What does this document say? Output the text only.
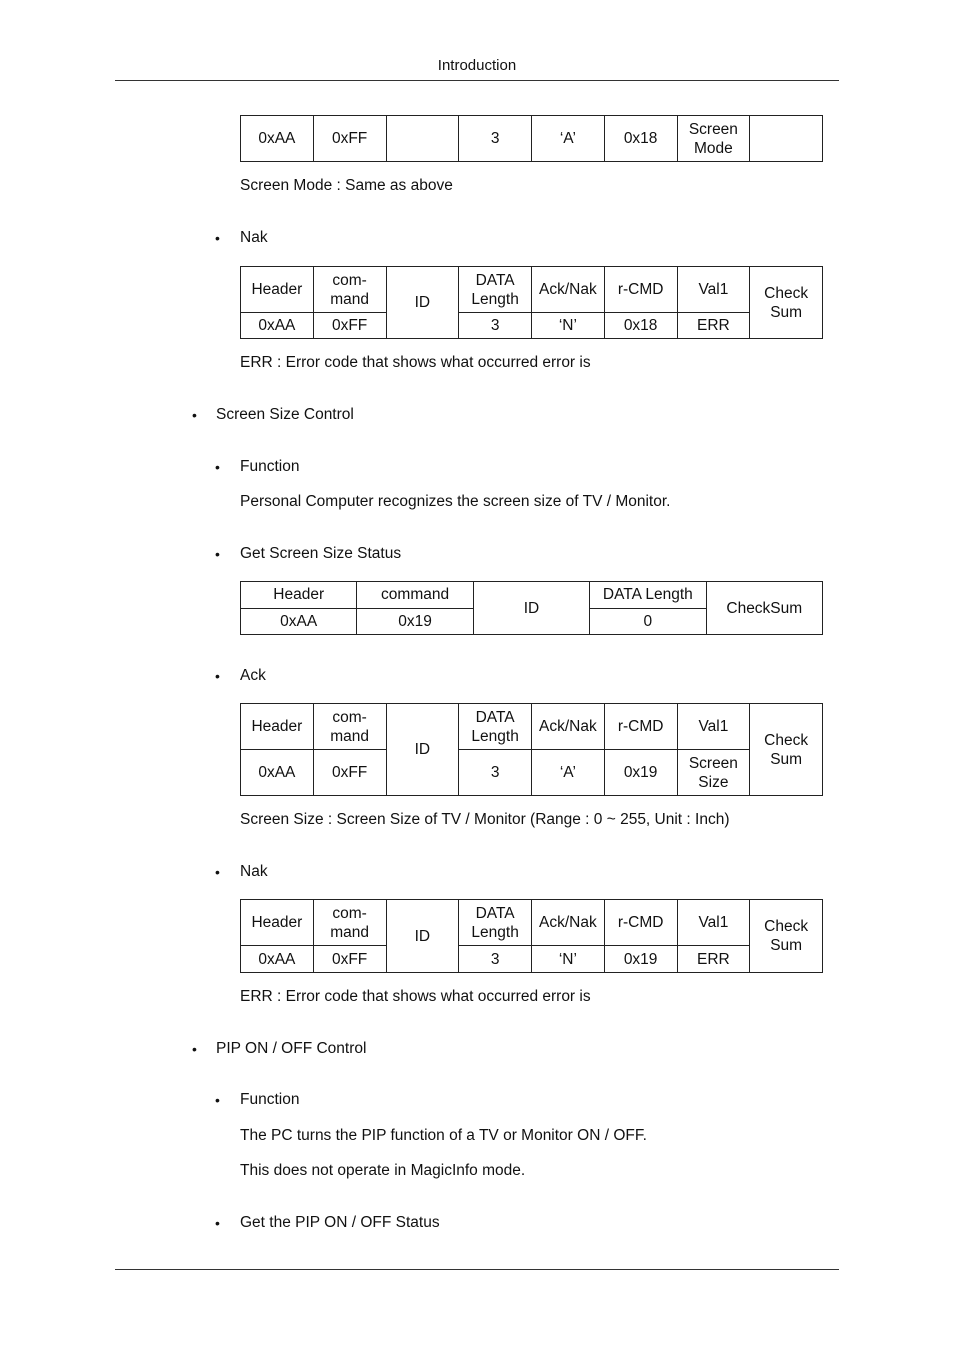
Introduction
0xAA	0xFF		3	‘A’	0x18	Screen Mode	
Screen Mode : Same as above
• Nak
Header	com-mand	ID	DATA Length	Ack/Nak	r-CMD	Val1	Check Sum
0xAA	0xFF		3	‘N’	0x18	ERR	
ERR : Error code that shows what occurred error is
• Screen Size Control
• Function
Personal Computer recognizes the screen size of TV / Monitor.
• Get Screen Size Status
Header	command	ID	DATA Length	CheckSum
0xAA	0x19		0	
• Ack
Header	com-mand	ID	DATA Length	Ack/Nak	r-CMD	Val1	Check Sum
0xAA	0xFF		3	‘A’	0x19	Screen Size	
Screen Size : Screen Size of TV / Monitor (Range : 0 ~ 255, Unit : Inch)
• Nak
Header	com-mand	ID	DATA Length	Ack/Nak	r-CMD	Val1	Check Sum
0xAA	0xFF		3	‘N’	0x19	ERR	
ERR : Error code that shows what occurred error is
• PIP ON / OFF Control
• Function
The PC turns the PIP function of a TV or Monitor ON / OFF.
This does not operate in MagicInfo mode.
• Get the PIP ON / OFF Status
